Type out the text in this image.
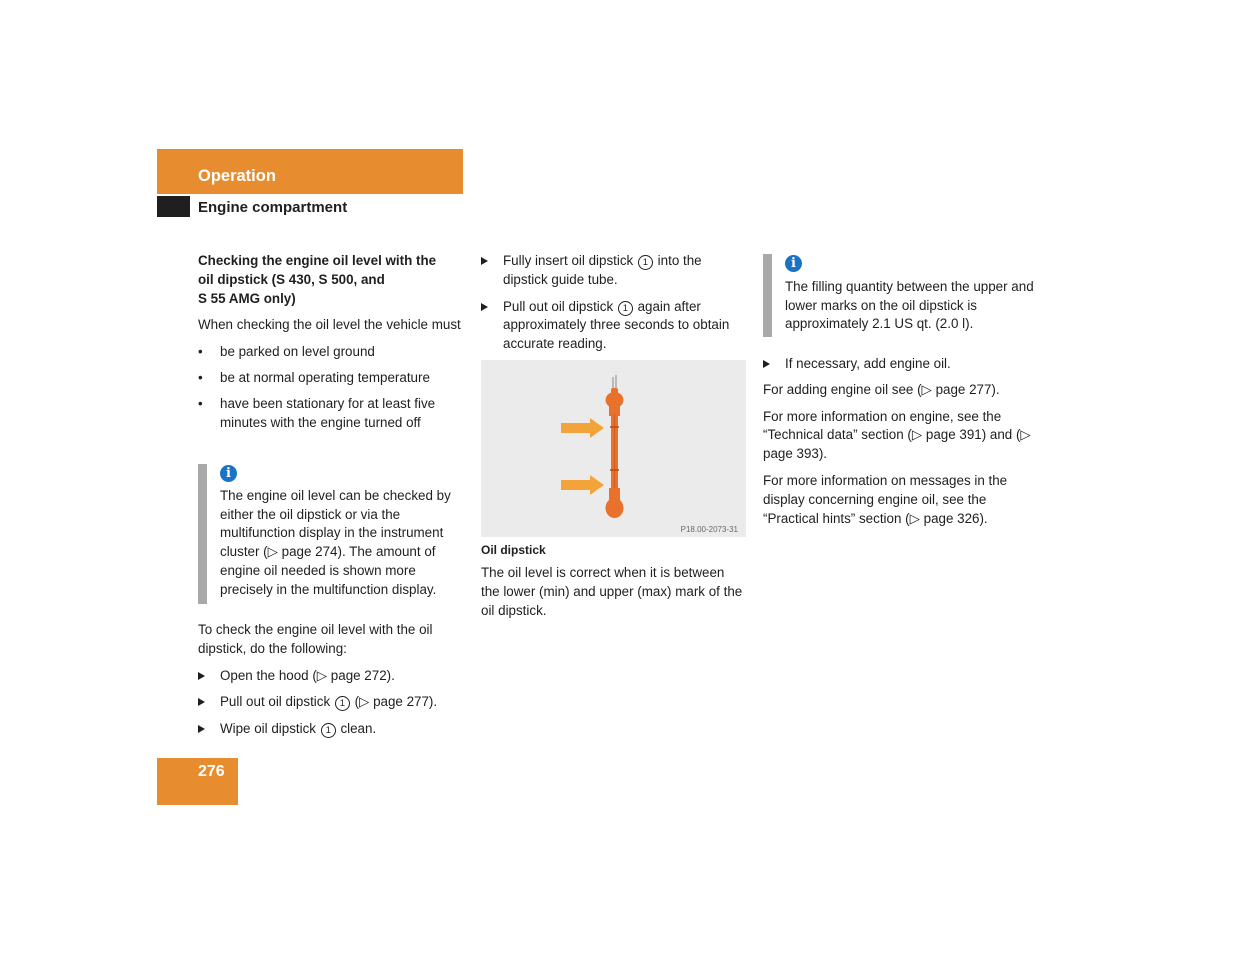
Operation
Engine compartment
Checking the engine oil level with the
oil dipstick (S 430, S 500, and
S 55 AMG only)

When checking the oil level the vehicle must

• be parked on level ground
• be at normal operating temperature
• have been stationary for at least five minutes with the engine turned off
i

The engine oil level can be checked by either the oil dipstick or via the multifunction display in the instrument cluster (▷ page 274). The amount of engine oil needed is shown more precisely in the multifunction display.

To check the engine oil level with the oil dipstick, do the following:

Open the hood (▷ page 272).
Pull out oil dipstick 1 (▷ page 277).
Wipe oil dipstick 1 clean.
Fully insert oil dipstick 1 into the dipstick guide tube.
Pull out oil dipstick 1 again after approximately three seconds to obtain accurate reading.
P18.00-2073-31
Oil dipstick

The oil level is correct when it is between the lower (min) and upper (max) mark of the oil dipstick.

i

The filling quantity between the upper and lower marks on the oil dipstick is approximately 2.1 US qt. (2.0 l).

If necessary, add engine oil.

For adding engine oil see (▷ page 277).

For more information on engine, see the “Technical data” section (▷ page 391) and (▷ page 393).

For more information on messages in the display concerning engine oil, see the “Practical hints” section (▷ page 326).

276
